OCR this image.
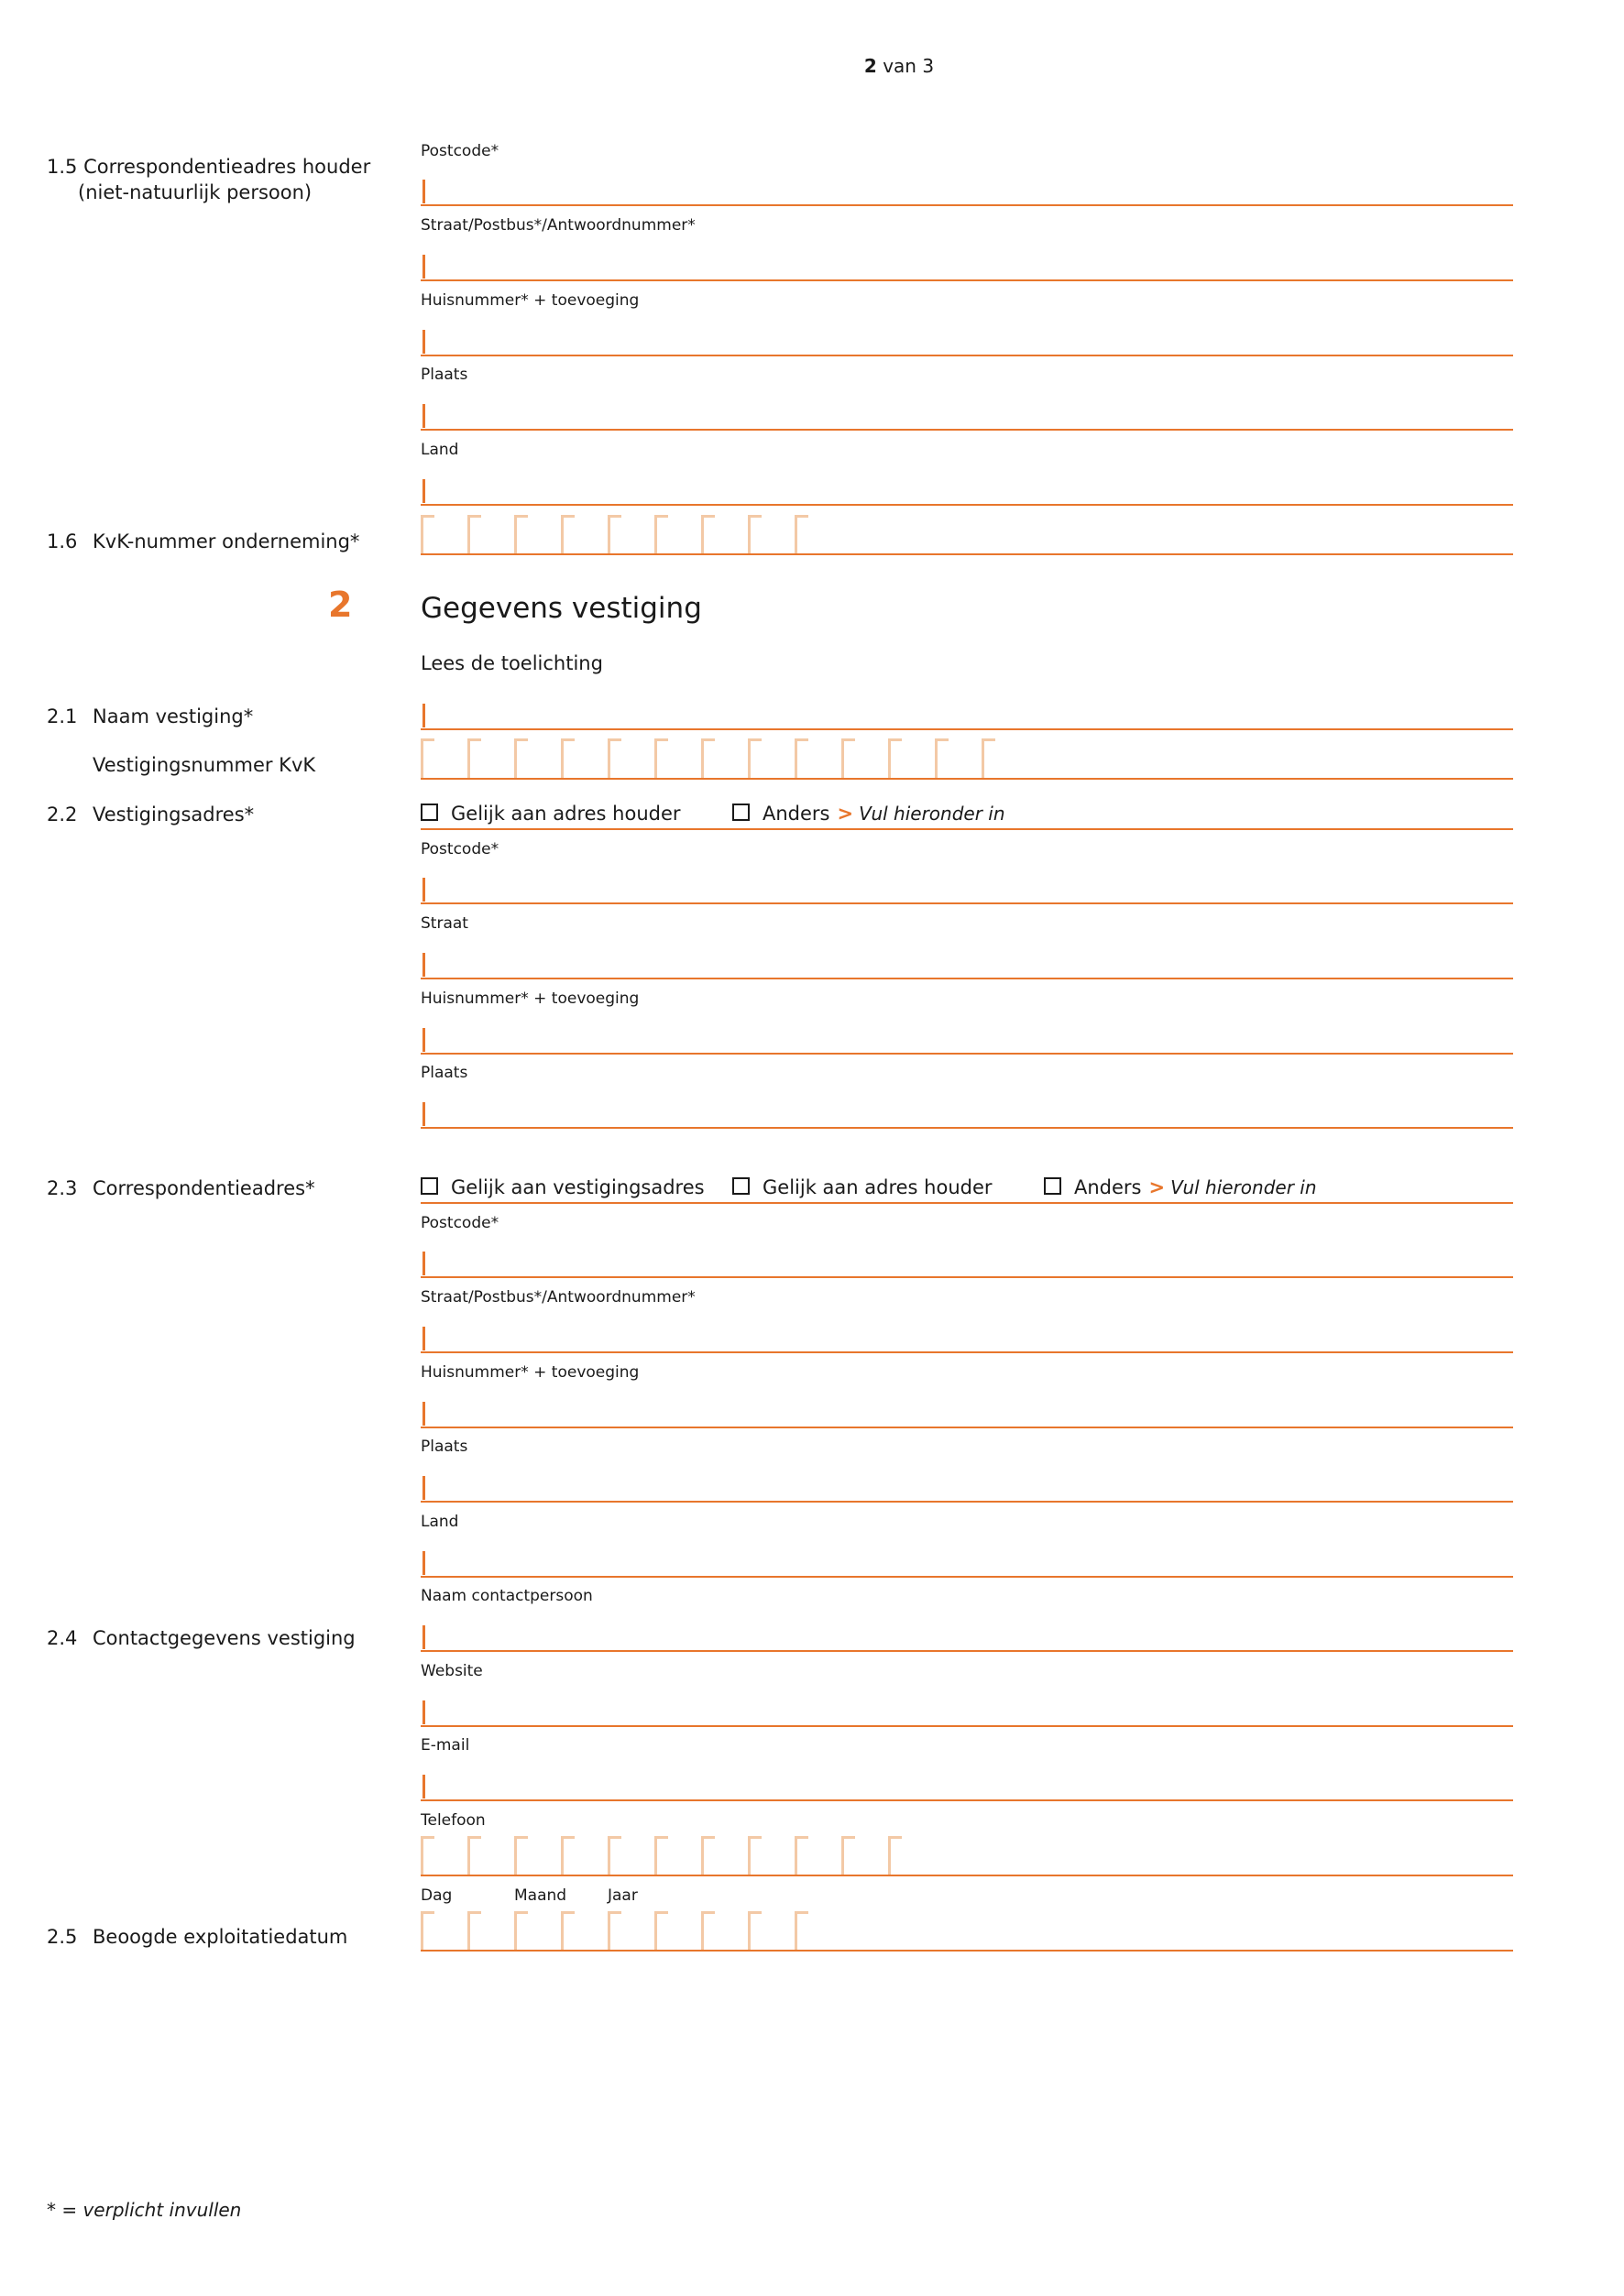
2 van 3
1.5 Correspondentieadres houder
(niet-natuurlijk persoon)
Postcode*
Straat/Postbus*/Antwoordnummer*
Huisnummer* + toevoeging
Plaats
Land
1.6 KvK-nummer onderneming*
2 Gegevens vestiging
Lees de toelichting
2.1 Naam vestiging*
Vestigingsnummer KvK
2.2 Vestigingsadres*	Gelijk aan adres houder	Anders > Vul hieronder in
Postcode*
Straat
Huisnummer* + toevoeging
Plaats
2.3 Correspondentieadres*	Gelijk aan vestigingsadres	Gelijk aan adres houder	Anders > Vul hieronder in
Postcode*
Straat/Postbus*/Antwoordnummer*
Huisnummer* + toevoeging
Plaats
Land
Naam contactpersoon
2.4 Contactgegevens vestiging
Website
E-mail
Telefoon
Dag	Maand	Jaar
2.5 Beoogde exploitatiedatum
* = verplicht invullen
